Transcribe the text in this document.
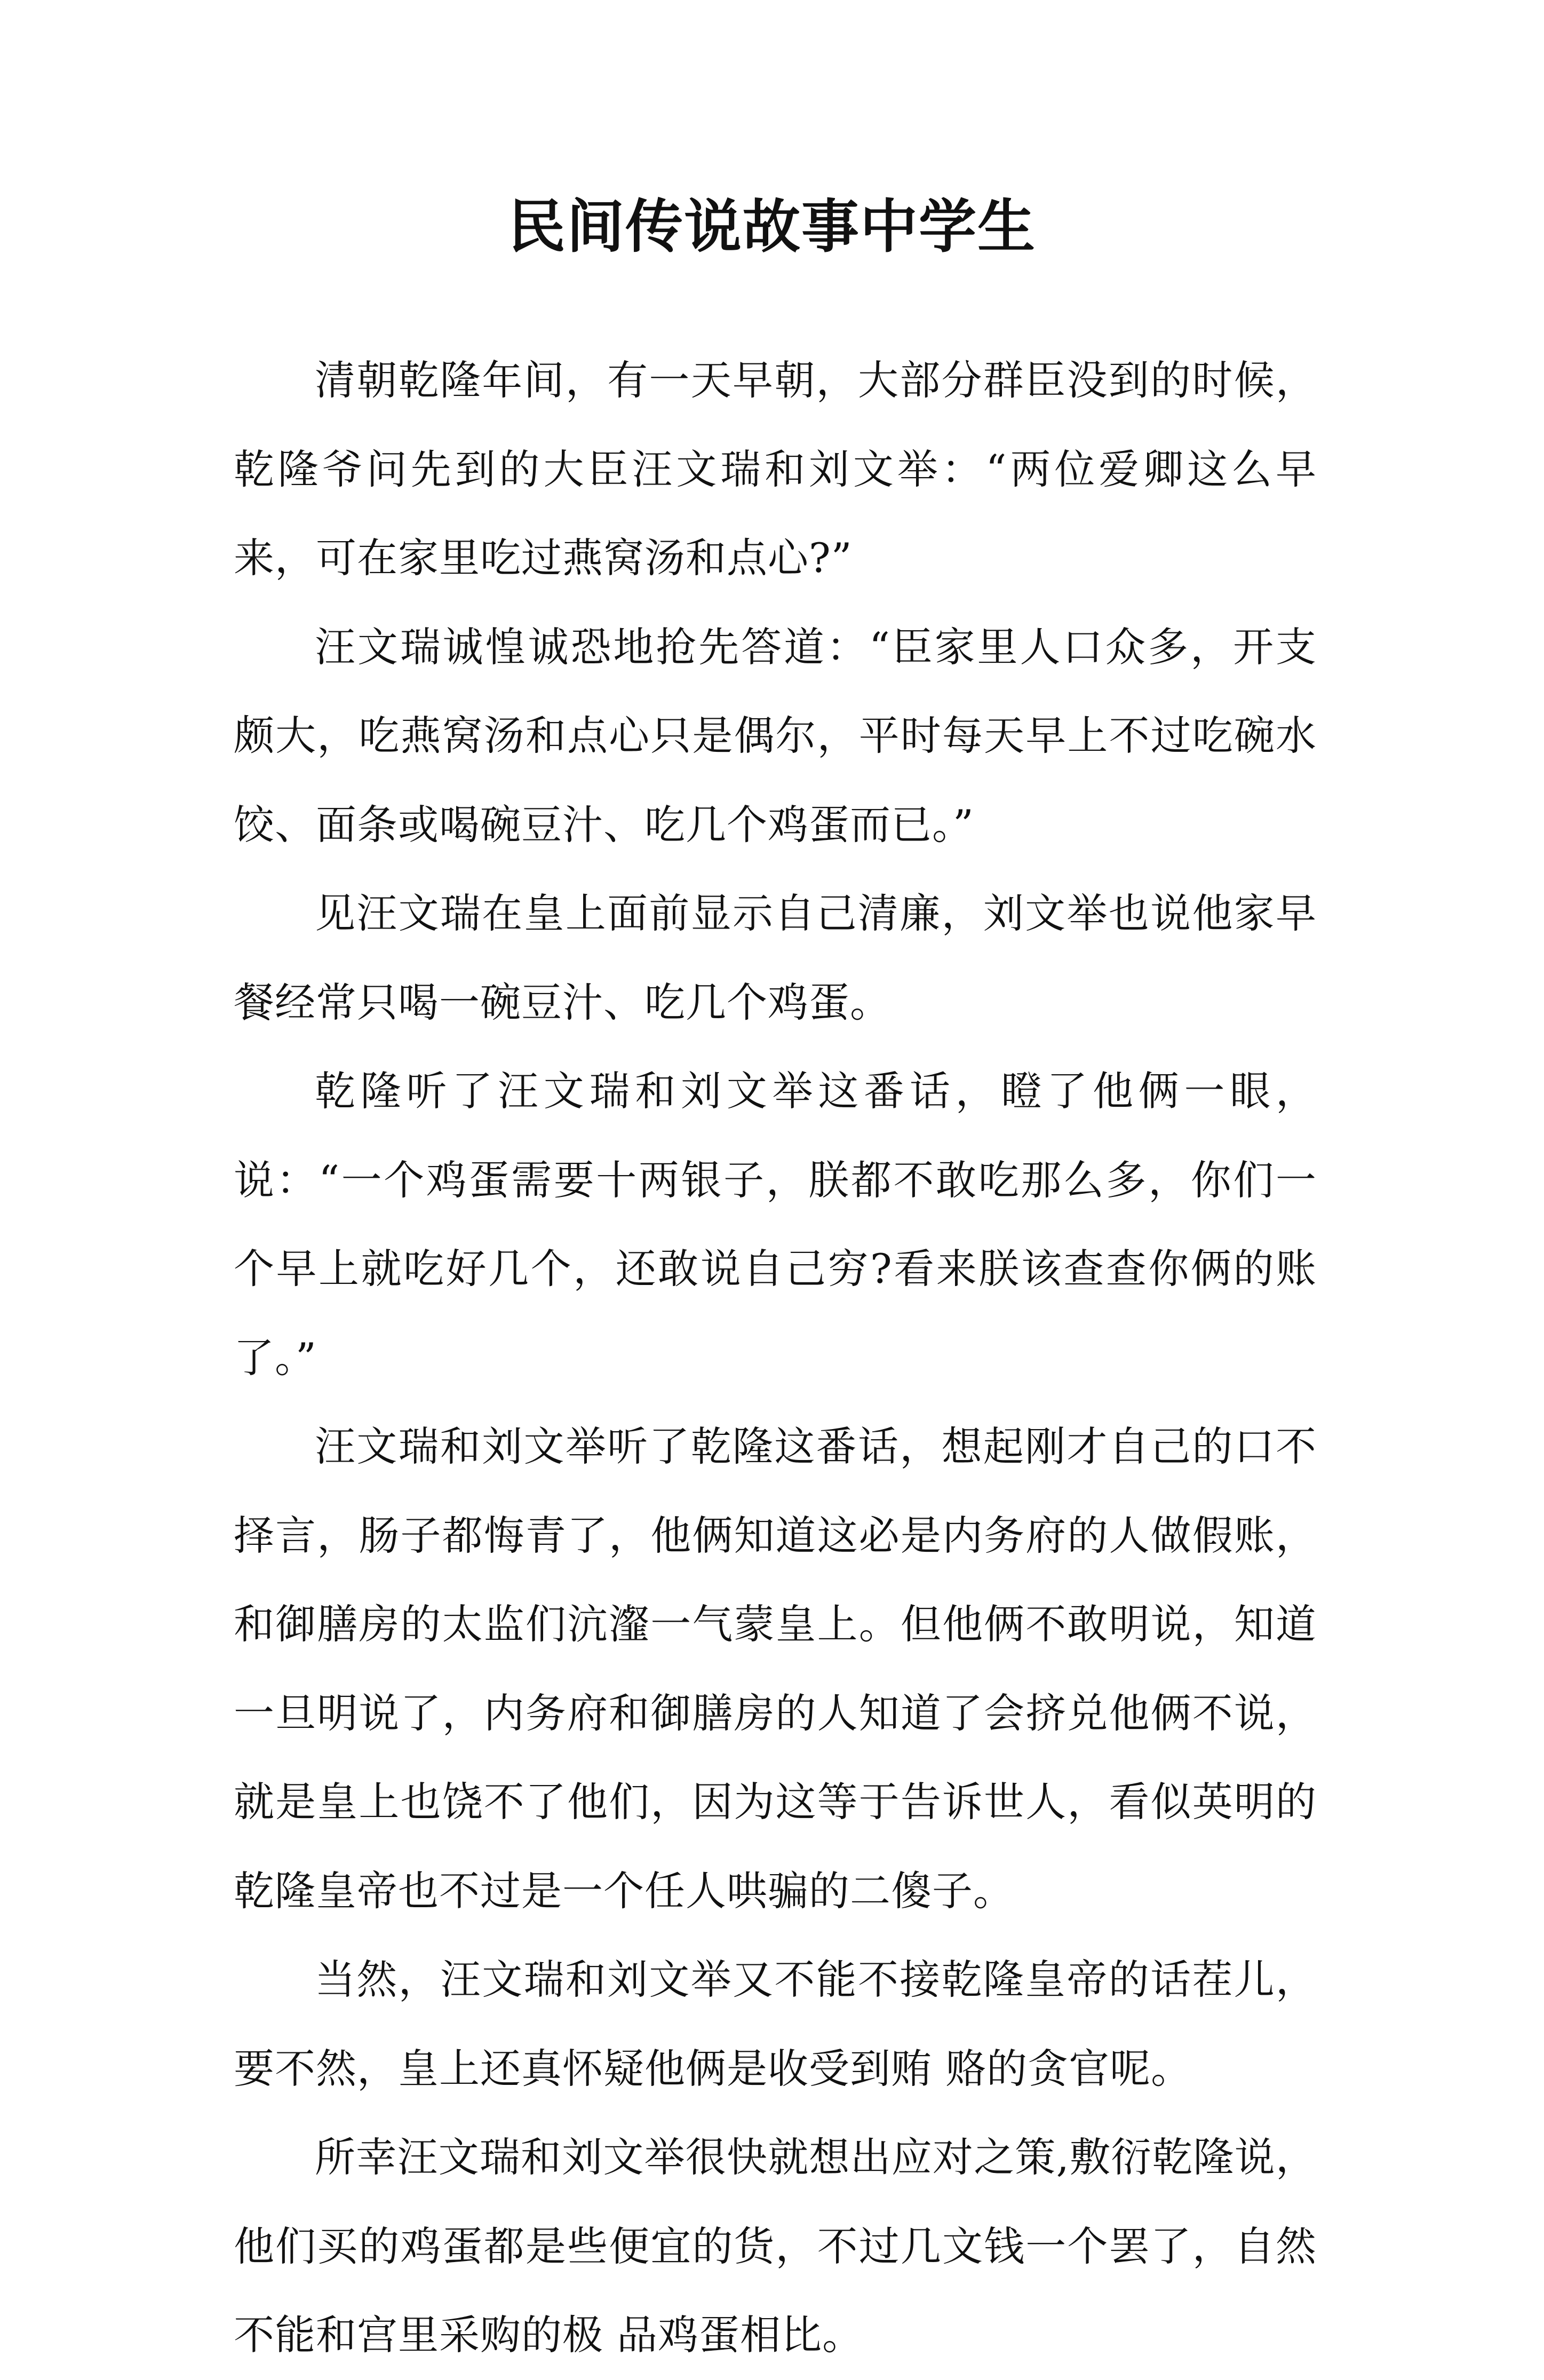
民间传说故事中学生

清朝乾隆年间，有一天早朝，大部分群臣没到的时候，乾隆爷问先到的大臣汪文瑞和刘文举：“两位爱卿这么早来，可在家里吃过燕窝汤和点心?”

汪文瑞诚惶诚恐地抢先答道：“臣家里人口众多，开支颇大，吃燕窝汤和点心只是偶尔，平时每天早上不过吃碗水饺、面条或喝碗豆汁、吃几个鸡蛋而已。”

见汪文瑞在皇上面前显示自己清廉，刘文举也说他家早餐经常只喝一碗豆汁、吃几个鸡蛋。

乾隆听了汪文瑞和刘文举这番话，瞪了他俩一眼，说：“一个鸡蛋需要十两银子，朕都不敢吃那么多，你们一个早上就吃好几个，还敢说自己穷?看来朕该查查你俩的账了。”

汪文瑞和刘文举听了乾隆这番话，想起刚才自己的口不择言，肠子都悔青了，他俩知道这必是内务府的人做假账，和御膳房的太监们沆瀣一气蒙皇上。但他俩不敢明说，知道一旦明说了，内务府和御膳房的人知道了会挤兑他俩不说，就是皇上也饶不了他们，因为这等于告诉世人，看似英明的乾隆皇帝也不过是一个任人哄骗的二傻子。

当然，汪文瑞和刘文举又不能不接乾隆皇帝的话茬儿，要不然，皇上还真怀疑他俩是收受到贿 赂的贪官呢。

所幸汪文瑞和刘文举很快就想出应对之策,敷衍乾隆说，他们买的鸡蛋都是些便宜的货，不过几文钱一个罢了，自然不能和宫里采购的极 品鸡蛋相比。
